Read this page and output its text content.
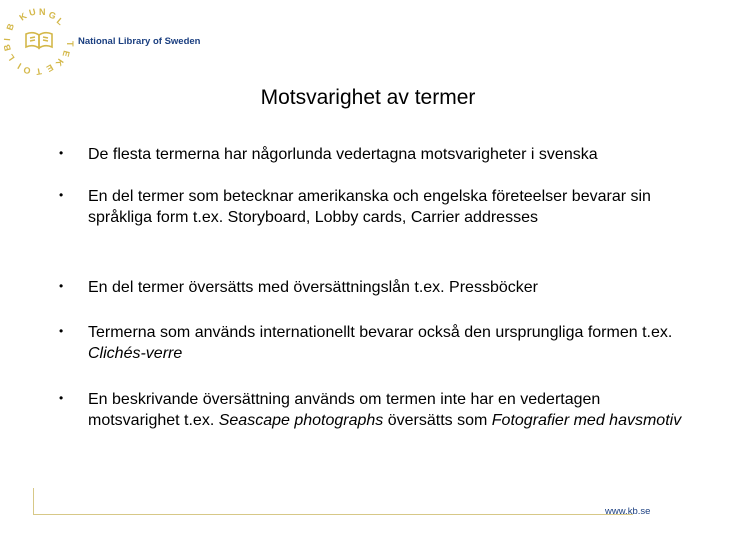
K U N G
L
B
I
B
L
I O T E
K
E
T National Library of Sweden
Motsvarighet av termer
• De flesta termerna har någorlunda vedertagna motsvarigheter i svenska
• En del termer som betecknar amerikanska och engelska företeelser bevarar sin språkliga form t.ex. Storyboard, Lobby cards, Carrier addresses
• En del termer översätts med översättningslån t.ex. Pressböcker
• Termerna som används internationellt bevarar också den ursprungliga formen t.ex. Clichés-verre
• En beskrivande översättning används om termen inte har en vedertagen motsvarighet t.ex. Seascape photographs översätts som Fotografier med havsmotiv
www.kb.se
